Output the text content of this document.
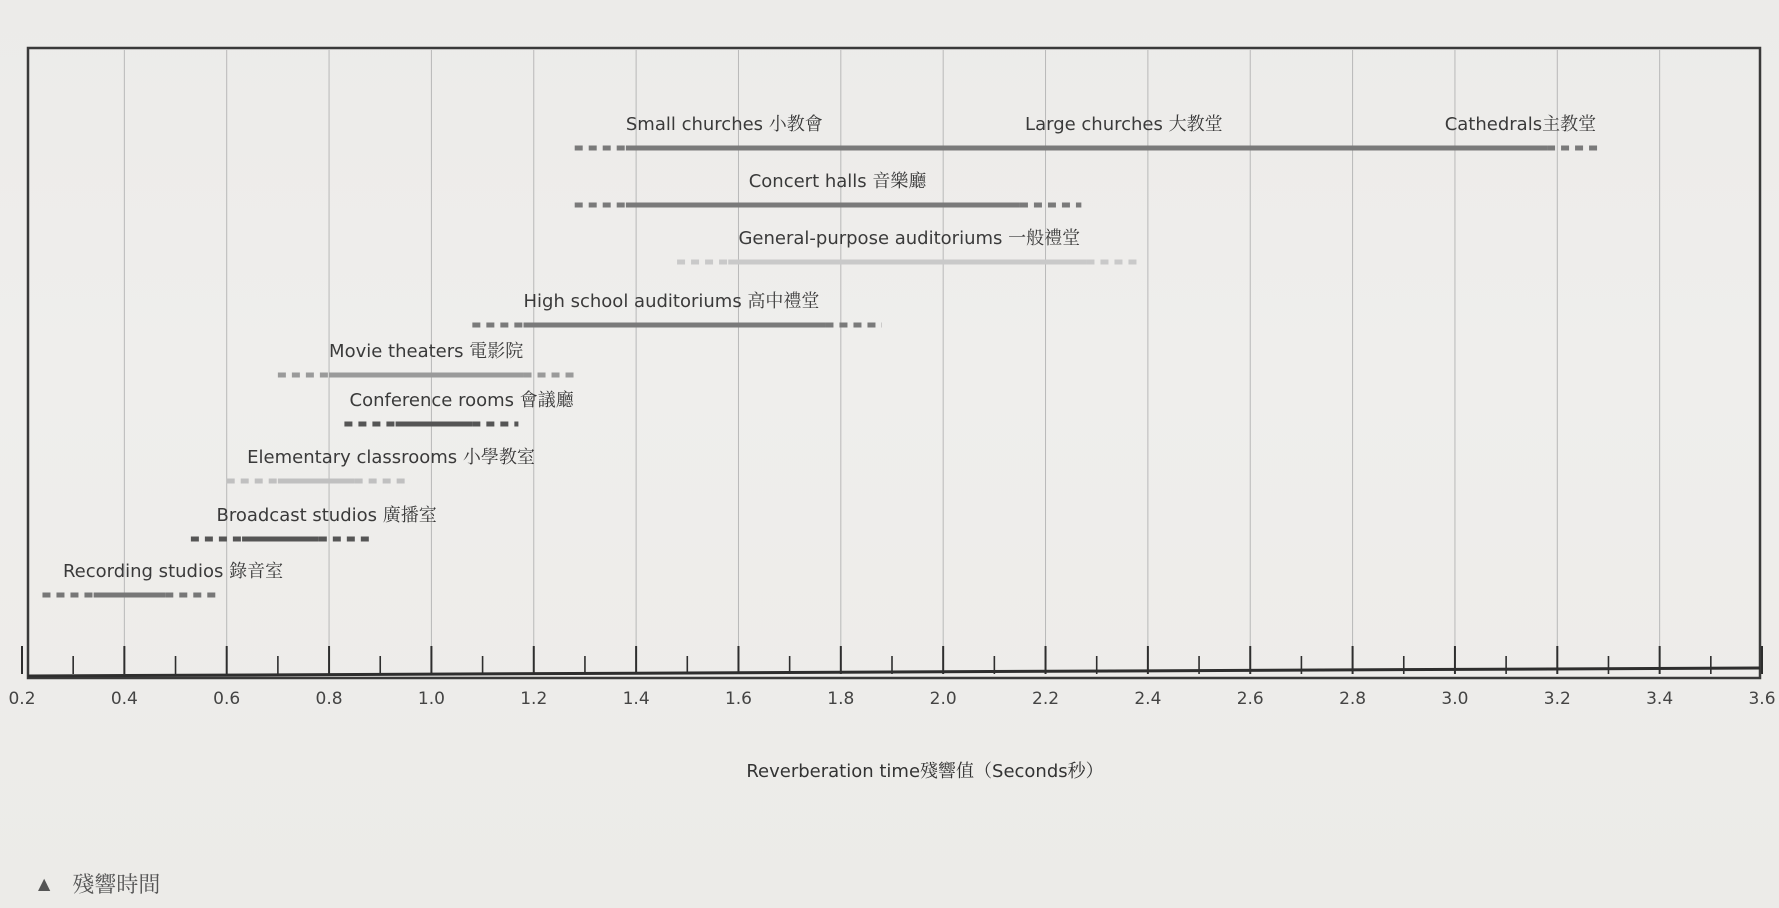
0.2	0.4	0.6	0.8	1.0	1.2	1.4	1.6	1.8	2.0	2.2	2.4	2.6	2.8	3.0	3.2	3.4	3.6
Small churches 小教會	Large churches 大教堂	Cathedrals主教堂
Concert halls 音樂廳
General-purpose auditoriums 一般禮堂
High school auditoriums 高中禮堂
Movie theaters 電影院
Conference rooms 會議廳
Elementary classrooms 小學教室
Broadcast studios 廣播室
Recording studios 錄音室
Reverberation time殘響值（Seconds秒）
▲ 殘響時間
